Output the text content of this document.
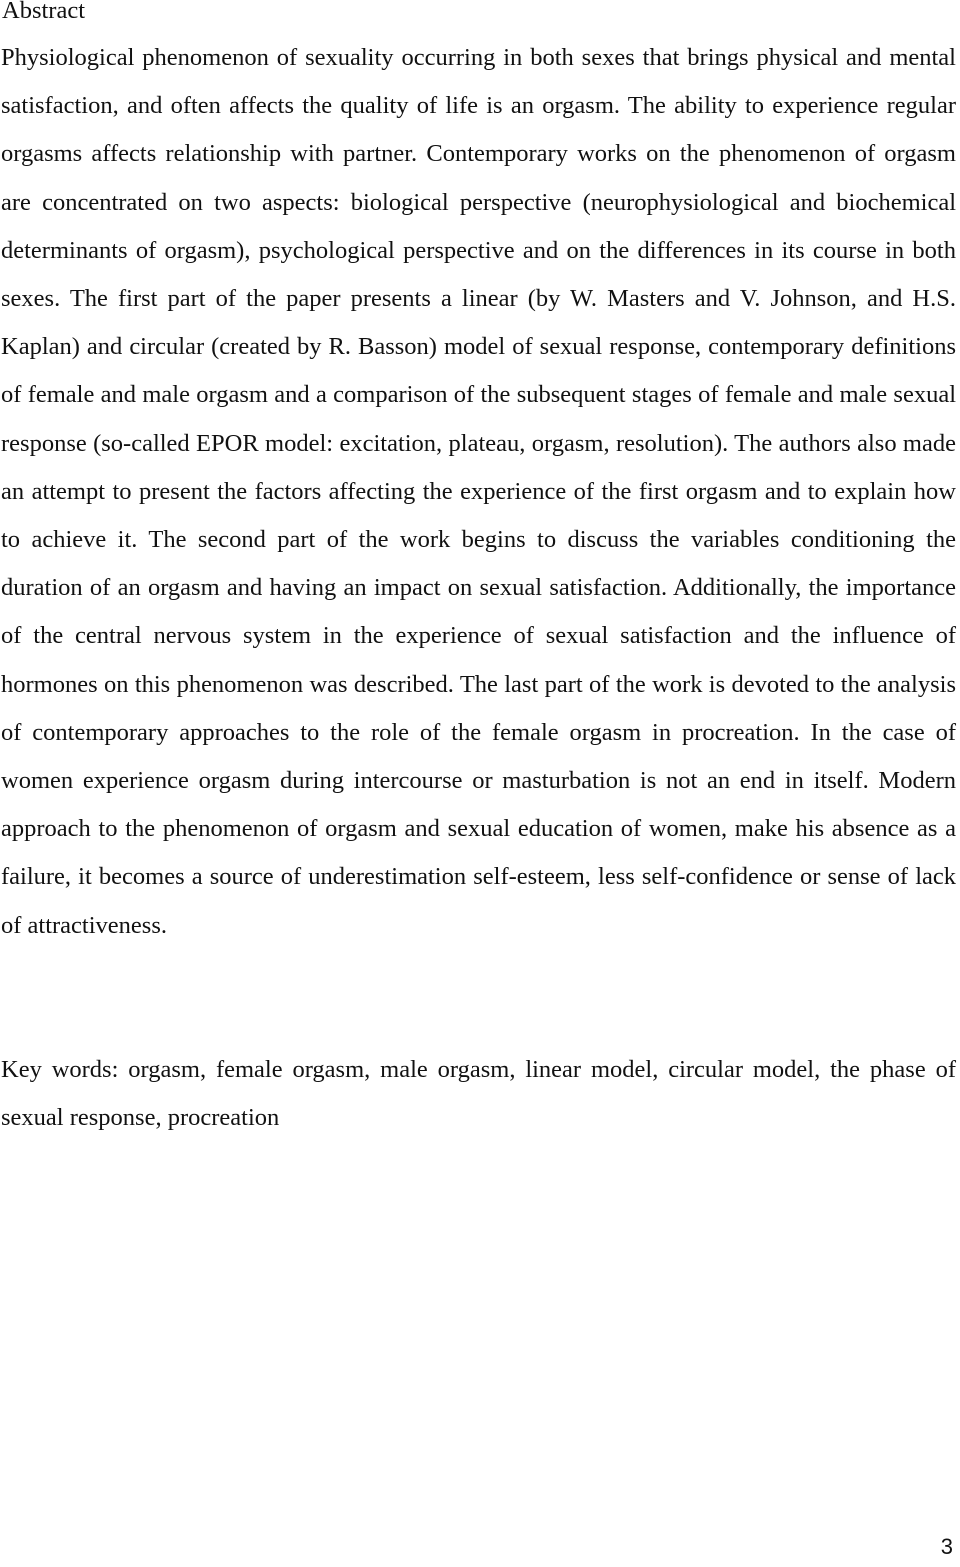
Abstract

Physiological phenomenon of sexuality occurring in both sexes that brings physical and mental satisfaction, and often affects the quality of life is an orgasm. The ability to experience regular orgasms affects relationship with partner. Contemporary works on the phenomenon of orgasm are concentrated on two aspects: biological perspective (neurophysiological and biochemical determinants of orgasm), psychological perspective and on the differences in its course in both sexes. The first part of the paper presents a linear (by W. Masters and V. Johnson, and H.S. Kaplan) and circular (created by R. Basson) model of sexual response, contemporary definitions of female and male orgasm and a comparison of the subsequent stages of female and male sexual response (so-called EPOR model: excitation, plateau, orgasm, resolution). The authors also made an attempt to present the factors affecting the experience of the first orgasm and to explain how to achieve it. The second part of the work begins to discuss the variables conditioning the duration of an orgasm and having an impact on sexual satisfaction. Additionally, the importance of the central nervous system in the experience of sexual satisfaction and the influence of hormones on this phenomenon was described. The last part of the work is devoted to the analysis of contemporary approaches to the role of the female orgasm in procreation. In the case of women experience orgasm during intercourse or masturbation is not an end in itself. Modern approach to the phenomenon of orgasm and sexual education of women, make his absence as a failure, it becomes a source of underestimation self-esteem, less self-confidence or sense of lack of attractiveness.

Key words: orgasm, female orgasm, male orgasm, linear model, circular model, the phase of sexual response, procreation

3
